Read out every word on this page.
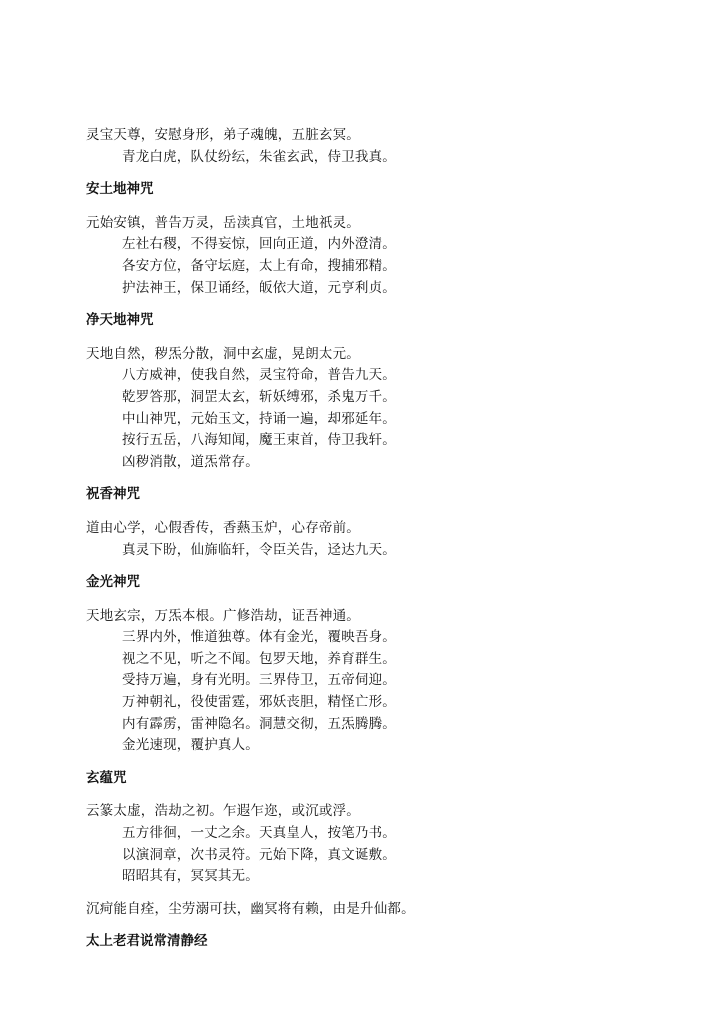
灵宝天尊，安慰身形，弟子魂魄，五脏玄冥。
青龙白虎，队仗纷纭，朱雀玄武，侍卫我真。
安土地神咒
元始安镇，普告万灵，岳渎真官，土地祇灵。
左社右稷，不得妄惊，回向正道，内外澄清。
各安方位，备守坛庭，太上有命，搜捕邪精。
护法神王，保卫诵经，皈依大道，元亨利贞。
净天地神咒
天地自然，秽炁分散，洞中玄虚，晃朗太元。
八方威神，使我自然，灵宝符命，普告九天。
乾罗答那，洞罡太玄，斩妖缚邪，杀鬼万千。
中山神咒，元始玉文，持诵一遍，却邪延年。
按行五岳，八海知闻，魔王束首，侍卫我轩。
凶秽消散，道炁常存。
祝香神咒
道由心学，心假香传，香爇玉炉，心存帝前。
真灵下盼，仙旆临轩，令臣关告，迳达九天。
金光神咒
天地玄宗，万炁本根。广修浩劫，证吾神通。
三界内外，惟道独尊。体有金光，覆映吾身。
视之不见，听之不闻。包罗天地，养育群生。
受持万遍，身有光明。三界侍卫，五帝伺迎。
万神朝礼，役使雷霆，邪妖丧胆，精怪亡形。
内有霹雳，雷神隐名。洞慧交彻，五炁腾腾。
金光速现，覆护真人。
玄蕴咒
云篆太虚，浩劫之初。乍遐乍迩，或沉或浮。
五方徘徊，一丈之余。天真皇人，按笔乃书。
以演洞章，次书灵符。元始下降，真文诞敷。
昭昭其有，冥冥其无。
沉疴能自痊，尘劳溺可扶，幽冥将有赖，由是升仙都。
太上老君说常清静经
